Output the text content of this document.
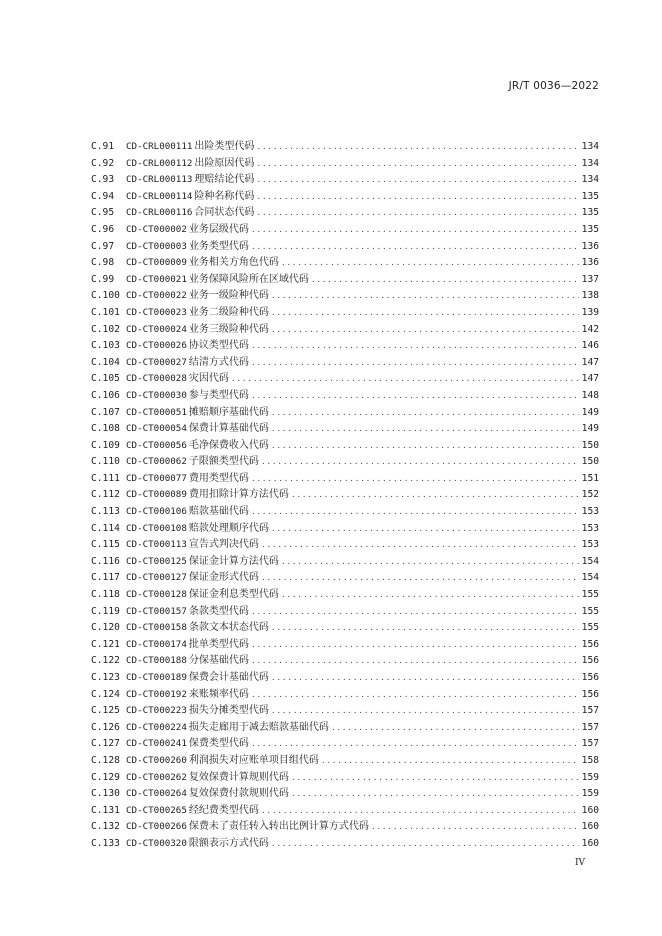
JR/T 0036—2022
C.91	CD-CRL000111 出险类型代码 .....	134
C.92	CD-CRL000112 出险原因代码 .....	134
C.93	CD-CRL000113 理赔结论代码 .....	134
C.94	CD-CRL000114 险种名称代码 .....	135
C.95	CD-CRL000116 合同状态代码 .....	135
C.96	CD-CT000002 业务层级代码 .....	135
C.97	CD-CT000003 业务类型代码 .....	136
C.98	CD-CT000009 业务相关方角色代码 .....	136
C.99	CD-CT000021 业务保障风险所在区域代码 .....	137
C.100 CD-CT000022 业务一级险种代码 .....	138
C.101 CD-CT000023 业务二级险种代码 .....	139
C.102 CD-CT000024 业务三级险种代码 .....	142
C.103 CD-CT000026 协议类型代码 .....	146
C.104 CD-CT000027 结清方式代码 .....	147
C.105 CD-CT000028 灾因代码 .....	147
C.106 CD-CT000030 参与类型代码 .....	148
C.107 CD-CT000051 摊赔顺序基础代码 .....	149
C.108 CD-CT000054 保费计算基础代码 .....	149
C.109 CD-CT000056 毛净保费收入代码 .....	150
C.110 CD-CT000062 子限额类型代码 .....	150
C.111 CD-CT000077 费用类型代码 .....	151
C.112 CD-CT000089 费用扣除计算方法代码 .....	152
C.113 CD-CT000106 赔款基础代码 .....	153
C.114 CD-CT000108 赔款处理顺序代码 .....	153
C.115 CD-CT000113 宣告式判决代码 .....	153
C.116 CD-CT000125 保证金计算方法代码 .....	154
C.117 CD-CT000127 保证金形式代码 .....	154
C.118 CD-CT000128 保证金利息类型代码 .....	155
C.119 CD-CT000157 条款类型代码 .....	155
C.120 CD-CT000158 条款文本状态代码 .....	155
C.121 CD-CT000174 批单类型代码 .....	156
C.122 CD-CT000188 分保基础代码 .....	156
C.123 CD-CT000189 保费会计基础代码 .....	156
C.124 CD-CT000192 来账频率代码 .....	156
C.125 CD-CT000223 损失分摊类型代码 .....	157
C.126 CD-CT000224 损失走廊用于减去赔款基础代码 .....	157
C.127 CD-CT000241 保费类型代码 .....	157
C.128 CD-CT000260 利润损失对应账单项目组代码 .....	158
C.129 CD-CT000262 复效保费计算规则代码 .....	159
C.130 CD-CT000264 复效保费付款规则代码 .....	159
C.131 CD-CT000265 经纪费类型代码 .....	160
C.132 CD-CT000266 保费未了责任转入转出比例计算方式代码 .....	160
C.133 CD-CT000320 限额表示方式代码 .....	160
IV
